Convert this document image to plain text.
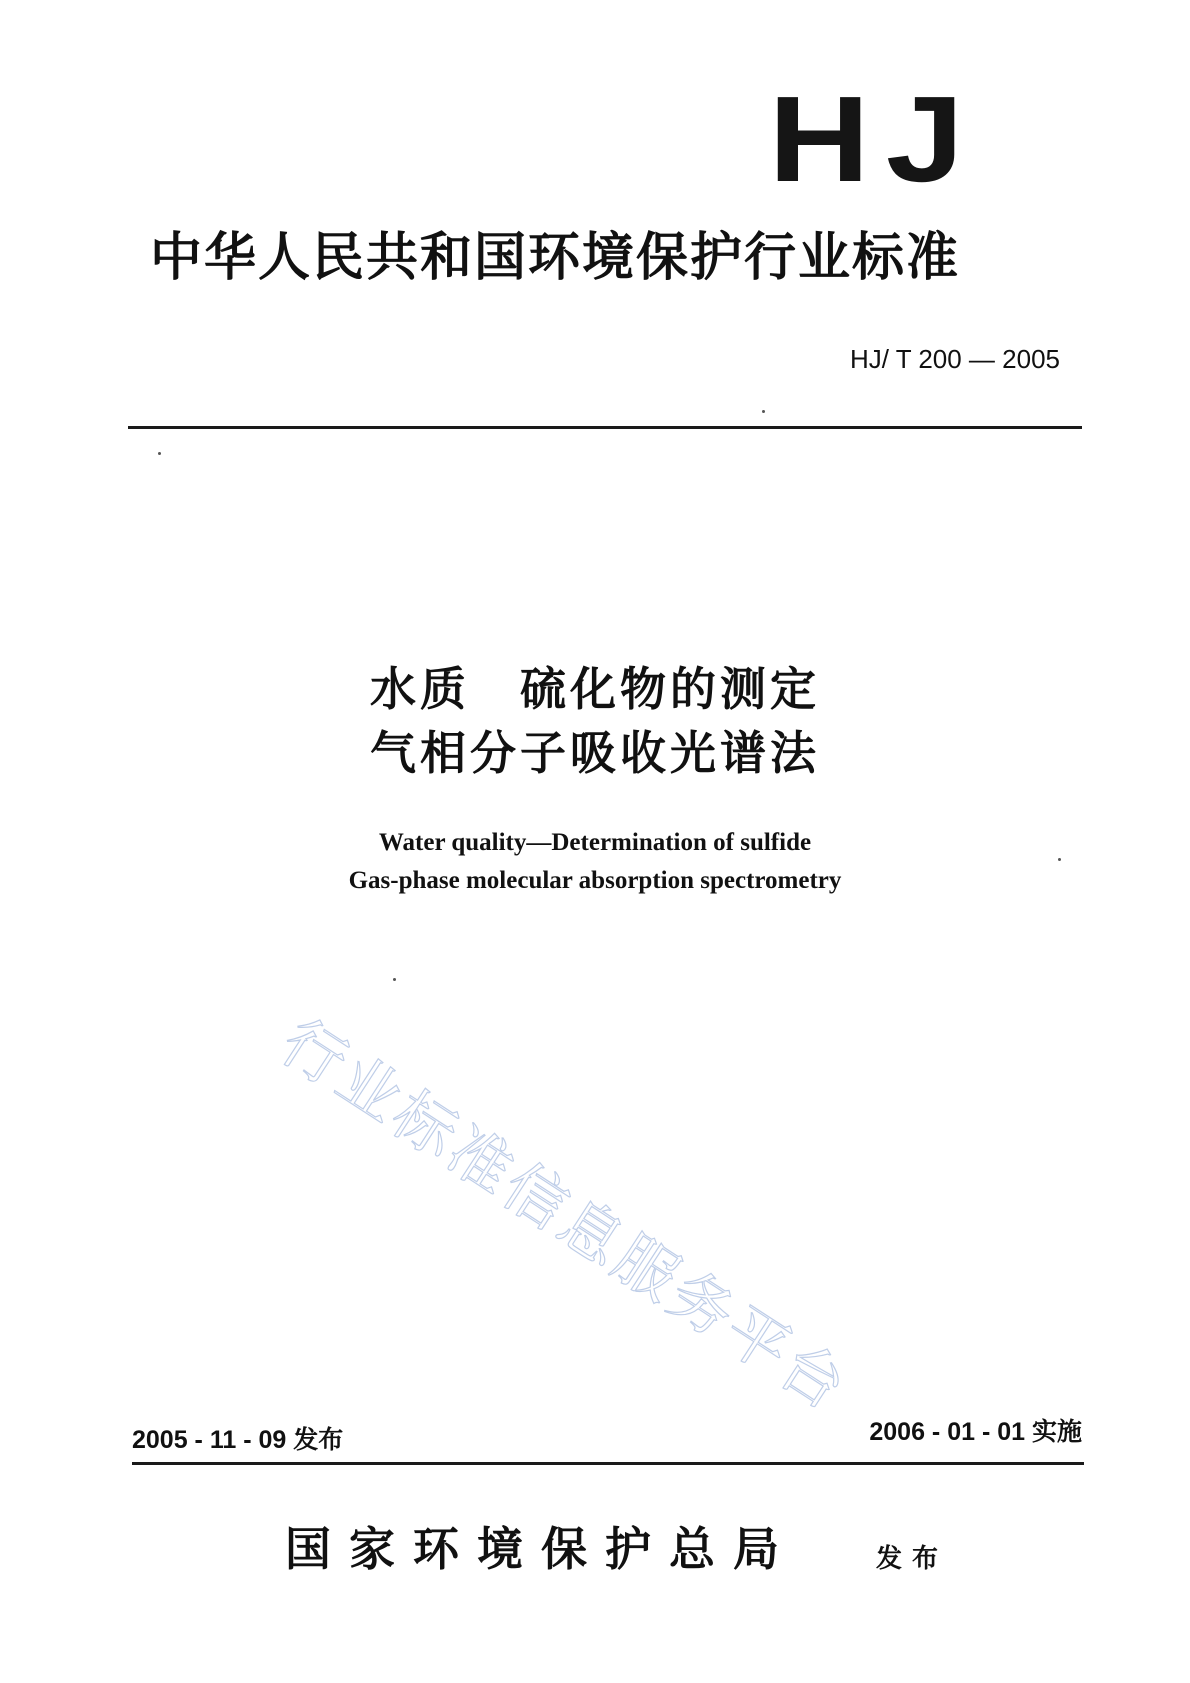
HJ
中华人民共和国环境保护行业标准
HJ/ T 200 — 2005
水质　硫化物的测定
气相分子吸收光谱法
Water quality—Determination of sulfide
Gas-phase molecular absorption spectrometry
行业标准信息服务平台
2005 - 11 - 09 发布	2006 - 01 - 01 实施
国家环境保护总局	发布
